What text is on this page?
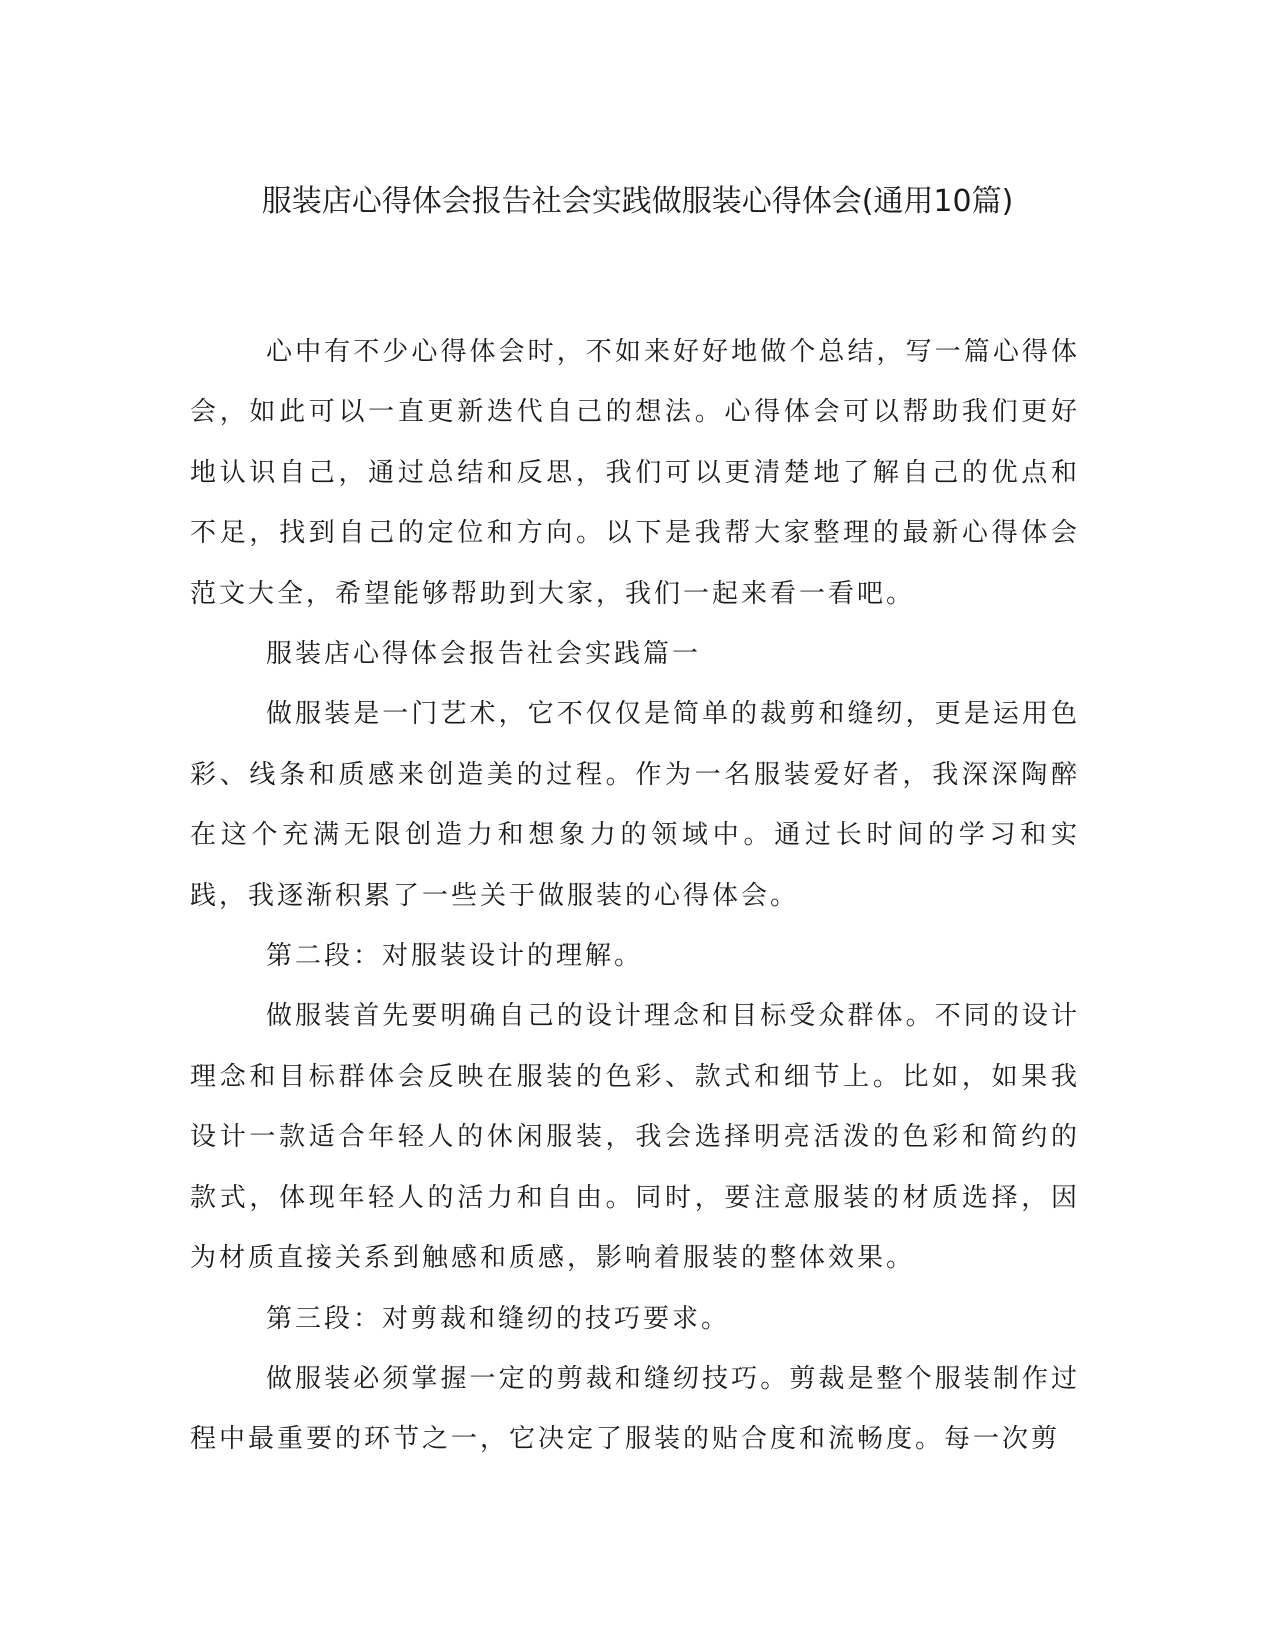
服装店心得体会报告社会实践做服装心得体会(通用10篇)

心中有不少心得体会时，不如来好好地做个总结，写一篇心得体会，如此可以一直更新迭代自己的想法。心得体会可以帮助我们更好地认识自己，通过总结和反思，我们可以更清楚地了解自己的优点和不足，找到自己的定位和方向。以下是我帮大家整理的最新心得体会范文大全，希望能够帮助到大家，我们一起来看一看吧。

服装店心得体会报告社会实践篇一

做服装是一门艺术，它不仅仅是简单的裁剪和缝纫，更是运用色彩、线条和质感来创造美的过程。作为一名服装爱好者，我深深陶醉在这个充满无限创造力和想象力的领域中。通过长时间的学习和实践，我逐渐积累了一些关于做服装的心得体会。

第二段：对服装设计的理解。

做服装首先要明确自己的设计理念和目标受众群体。不同的设计理念和目标群体会反映在服装的色彩、款式和细节上。比如，如果我设计一款适合年轻人的休闲服装，我会选择明亮活泼的色彩和简约的款式，体现年轻人的活力和自由。同时，要注意服装的材质选择，因为材质直接关系到触感和质感，影响着服装的整体效果。

第三段：对剪裁和缝纫的技巧要求。

做服装必须掌握一定的剪裁和缝纫技巧。剪裁是整个服装制作过程中最重要的环节之一，它决定了服装的贴合度和流畅度。每一次剪
